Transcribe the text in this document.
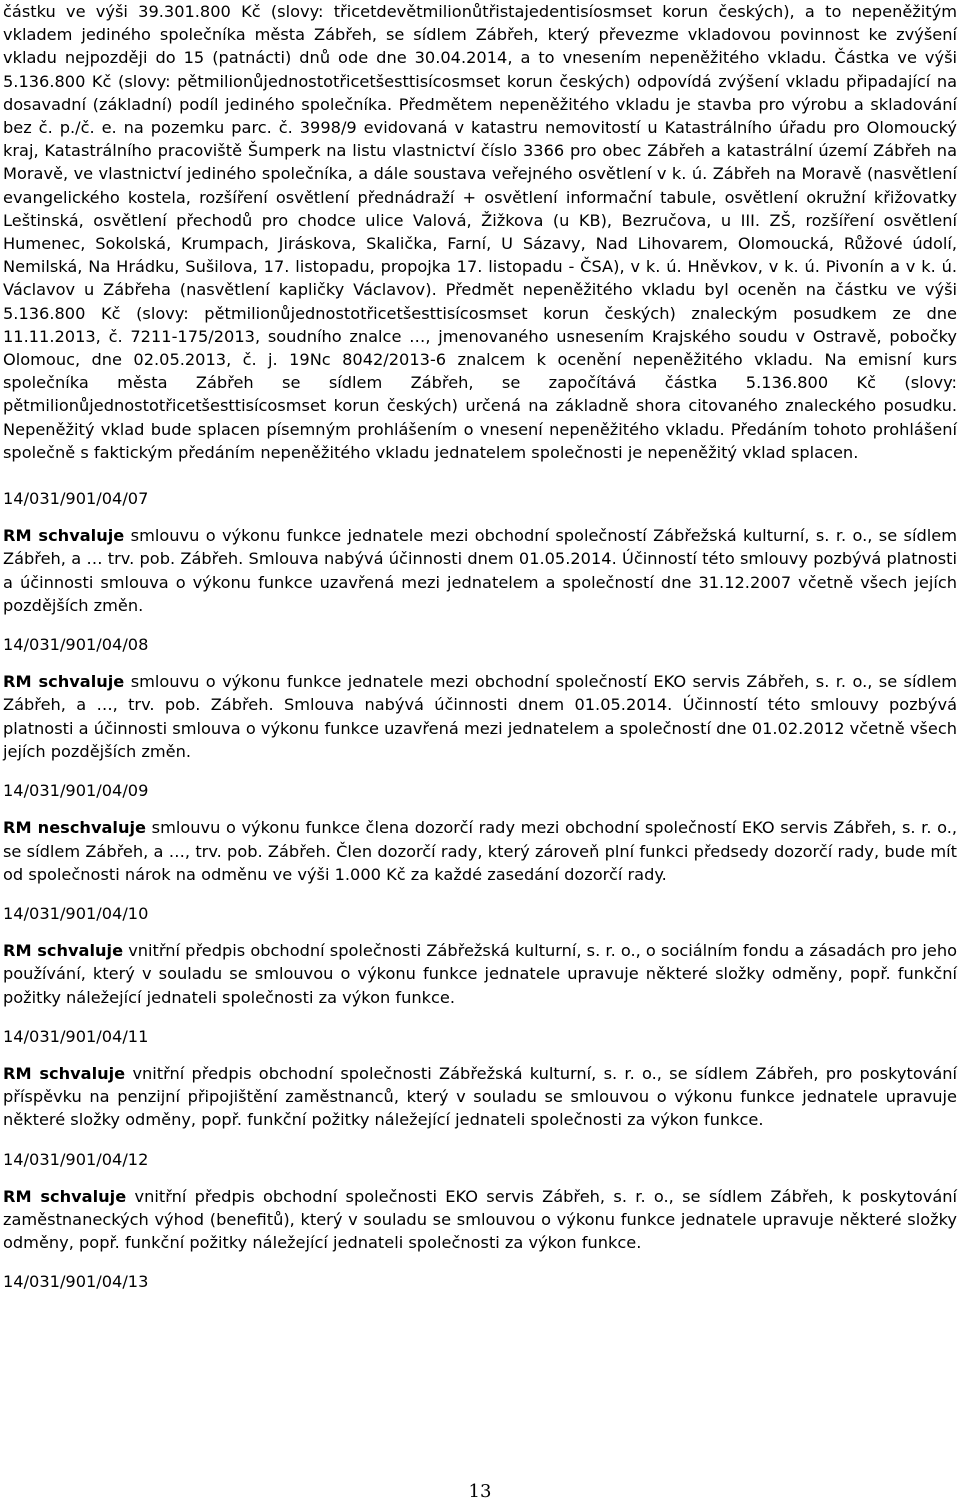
částku ve výši 39.301.800 Kč (slovy: třicetdevětmilionůtřistajedentisíosmset korun českých), a to nepeněžitým vkladem jediného společníka města Zábřeh, se sídlem Zábřeh, který převezme vkladovou povinnost ke zvýšení vkladu nejpozději do 15 (patnácti) dnů ode dne 30.04.2014, a to vnesením nepeněžitého vkladu. Částka ve výši 5.136.800 Kč (slovy: pětmilionůjednostotřicetšesttisícosmset korun českých) odpovídá zvýšení vkladu připadající na dosavadní (základní) podíl jediného společníka. Předmětem nepeněžitého vkladu je stavba pro výrobu a skladování bez č. p./č. e. na pozemku parc. č. 3998/9 evidovaná v katastru nemovitostí u Katastrálního úřadu pro Olomoucký kraj, Katastrálního pracoviště Šumperk na listu vlastnictví číslo 3366 pro obec Zábřeh a katastrální území Zábřeh na Moravě, ve vlastnictví jediného společníka, a dále soustava veřejného osvětlení v k. ú. Zábřeh na Moravě (nasvětlení evangelického kostela, rozšíření osvětlení přednádraží + osvětlení informační tabule, osvětlení okružní křižovatky Leštinská, osvětlení přechodů pro chodce ulice Valová, Žižkova (u KB), Bezručova, u III. ZŠ, rozšíření osvětlení Humenec, Sokolská, Krumpach, Jiráskova, Skalička, Farní, U Sázavy, Nad Lihovarem, Olomoucká, Růžové údolí, Nemilská, Na Hrádku, Sušilova, 17. listopadu, propojka 17. listopadu - ČSA), v k. ú. Hněvkov, v k. ú. Pivonín a v k. ú. Václavov u Zábřeha (nasvětlení kapličky Václavov). Předmět nepeněžitého vkladu byl oceněn na částku ve výši 5.136.800 Kč (slovy: pětmilionůjednostotřicetšesttisícosmset korun českých) znaleckým posudkem ze dne 11.11.2013, č. 7211-175/2013, soudního znalce …, jmenovaného usnesením Krajského soudu v Ostravě, pobočky Olomouc, dne 02.05.2013, č. j. 19Nc 8042/2013-6 znalcem k ocenění nepeněžitého vkladu. Na emisní kurs společníka města Zábřeh se sídlem Zábřeh, se započítává částka 5.136.800 Kč (slovy: pětmilionůjednostotřicetšesttisícosmset korun českých) určená na základně shora citovaného znaleckého posudku. Nepeněžitý vklad bude splacen písemným prohlášením o vnesení nepeněžitého vkladu. Předáním tohoto prohlášení společně s faktickým předáním nepeněžitého vkladu jednatelem společnosti je nepeněžitý vklad splacen.

14/031/901/04/07

RM schvaluje smlouvu o výkonu funkce jednatele mezi obchodní společností Zábřežská kulturní, s. r. o., se sídlem Zábřeh, a … trv. pob. Zábřeh. Smlouva nabývá účinnosti dnem 01.05.2014. Účinností této smlouvy pozbývá platnosti a účinnosti smlouva o výkonu funkce uzavřená mezi jednatelem a společností dne 31.12.2007 včetně všech jejích pozdějších změn.

14/031/901/04/08

RM schvaluje smlouvu o výkonu funkce jednatele mezi obchodní společností EKO servis Zábřeh, s. r. o., se sídlem Zábřeh, a …, trv. pob. Zábřeh. Smlouva nabývá účinnosti dnem 01.05.2014. Účinností této smlouvy pozbývá platnosti a účinnosti smlouva o výkonu funkce uzavřená mezi jednatelem a společností dne 01.02.2012 včetně všech jejích pozdějších změn.

14/031/901/04/09

RM neschvaluje smlouvu o výkonu funkce člena dozorčí rady mezi obchodní společností EKO servis Zábřeh, s. r. o., se sídlem Zábřeh, a …, trv. pob. Zábřeh. Člen dozorčí rady, který zároveň plní funkci předsedy dozorčí rady, bude mít od společnosti nárok na odměnu ve výši 1.000 Kč za každé zasedání dozorčí rady.

14/031/901/04/10

RM schvaluje vnitřní předpis obchodní společnosti Zábřežská kulturní, s. r. o., o sociálním fondu a zásadách pro jeho používání, který v souladu se smlouvou o výkonu funkce jednatele upravuje některé složky odměny, popř. funkční požitky náležející jednateli společnosti za výkon funkce.

14/031/901/04/11

RM schvaluje vnitřní předpis obchodní společnosti Zábřežská kulturní, s. r. o., se sídlem Zábřeh, pro poskytování příspěvku na penzijní připojištění zaměstnanců, který v souladu se smlouvou o výkonu funkce jednatele upravuje některé složky odměny, popř. funkční požitky náležející jednateli společnosti za výkon funkce.

14/031/901/04/12

RM schvaluje vnitřní předpis obchodní společnosti EKO servis Zábřeh, s. r. o., se sídlem Zábřeh, k poskytování zaměstnaneckých výhod (benefitů), který v souladu se smlouvou o výkonu funkce jednatele upravuje některé složky odměny, popř. funkční požitky náležející jednateli společnosti za výkon funkce.

14/031/901/04/13

13
